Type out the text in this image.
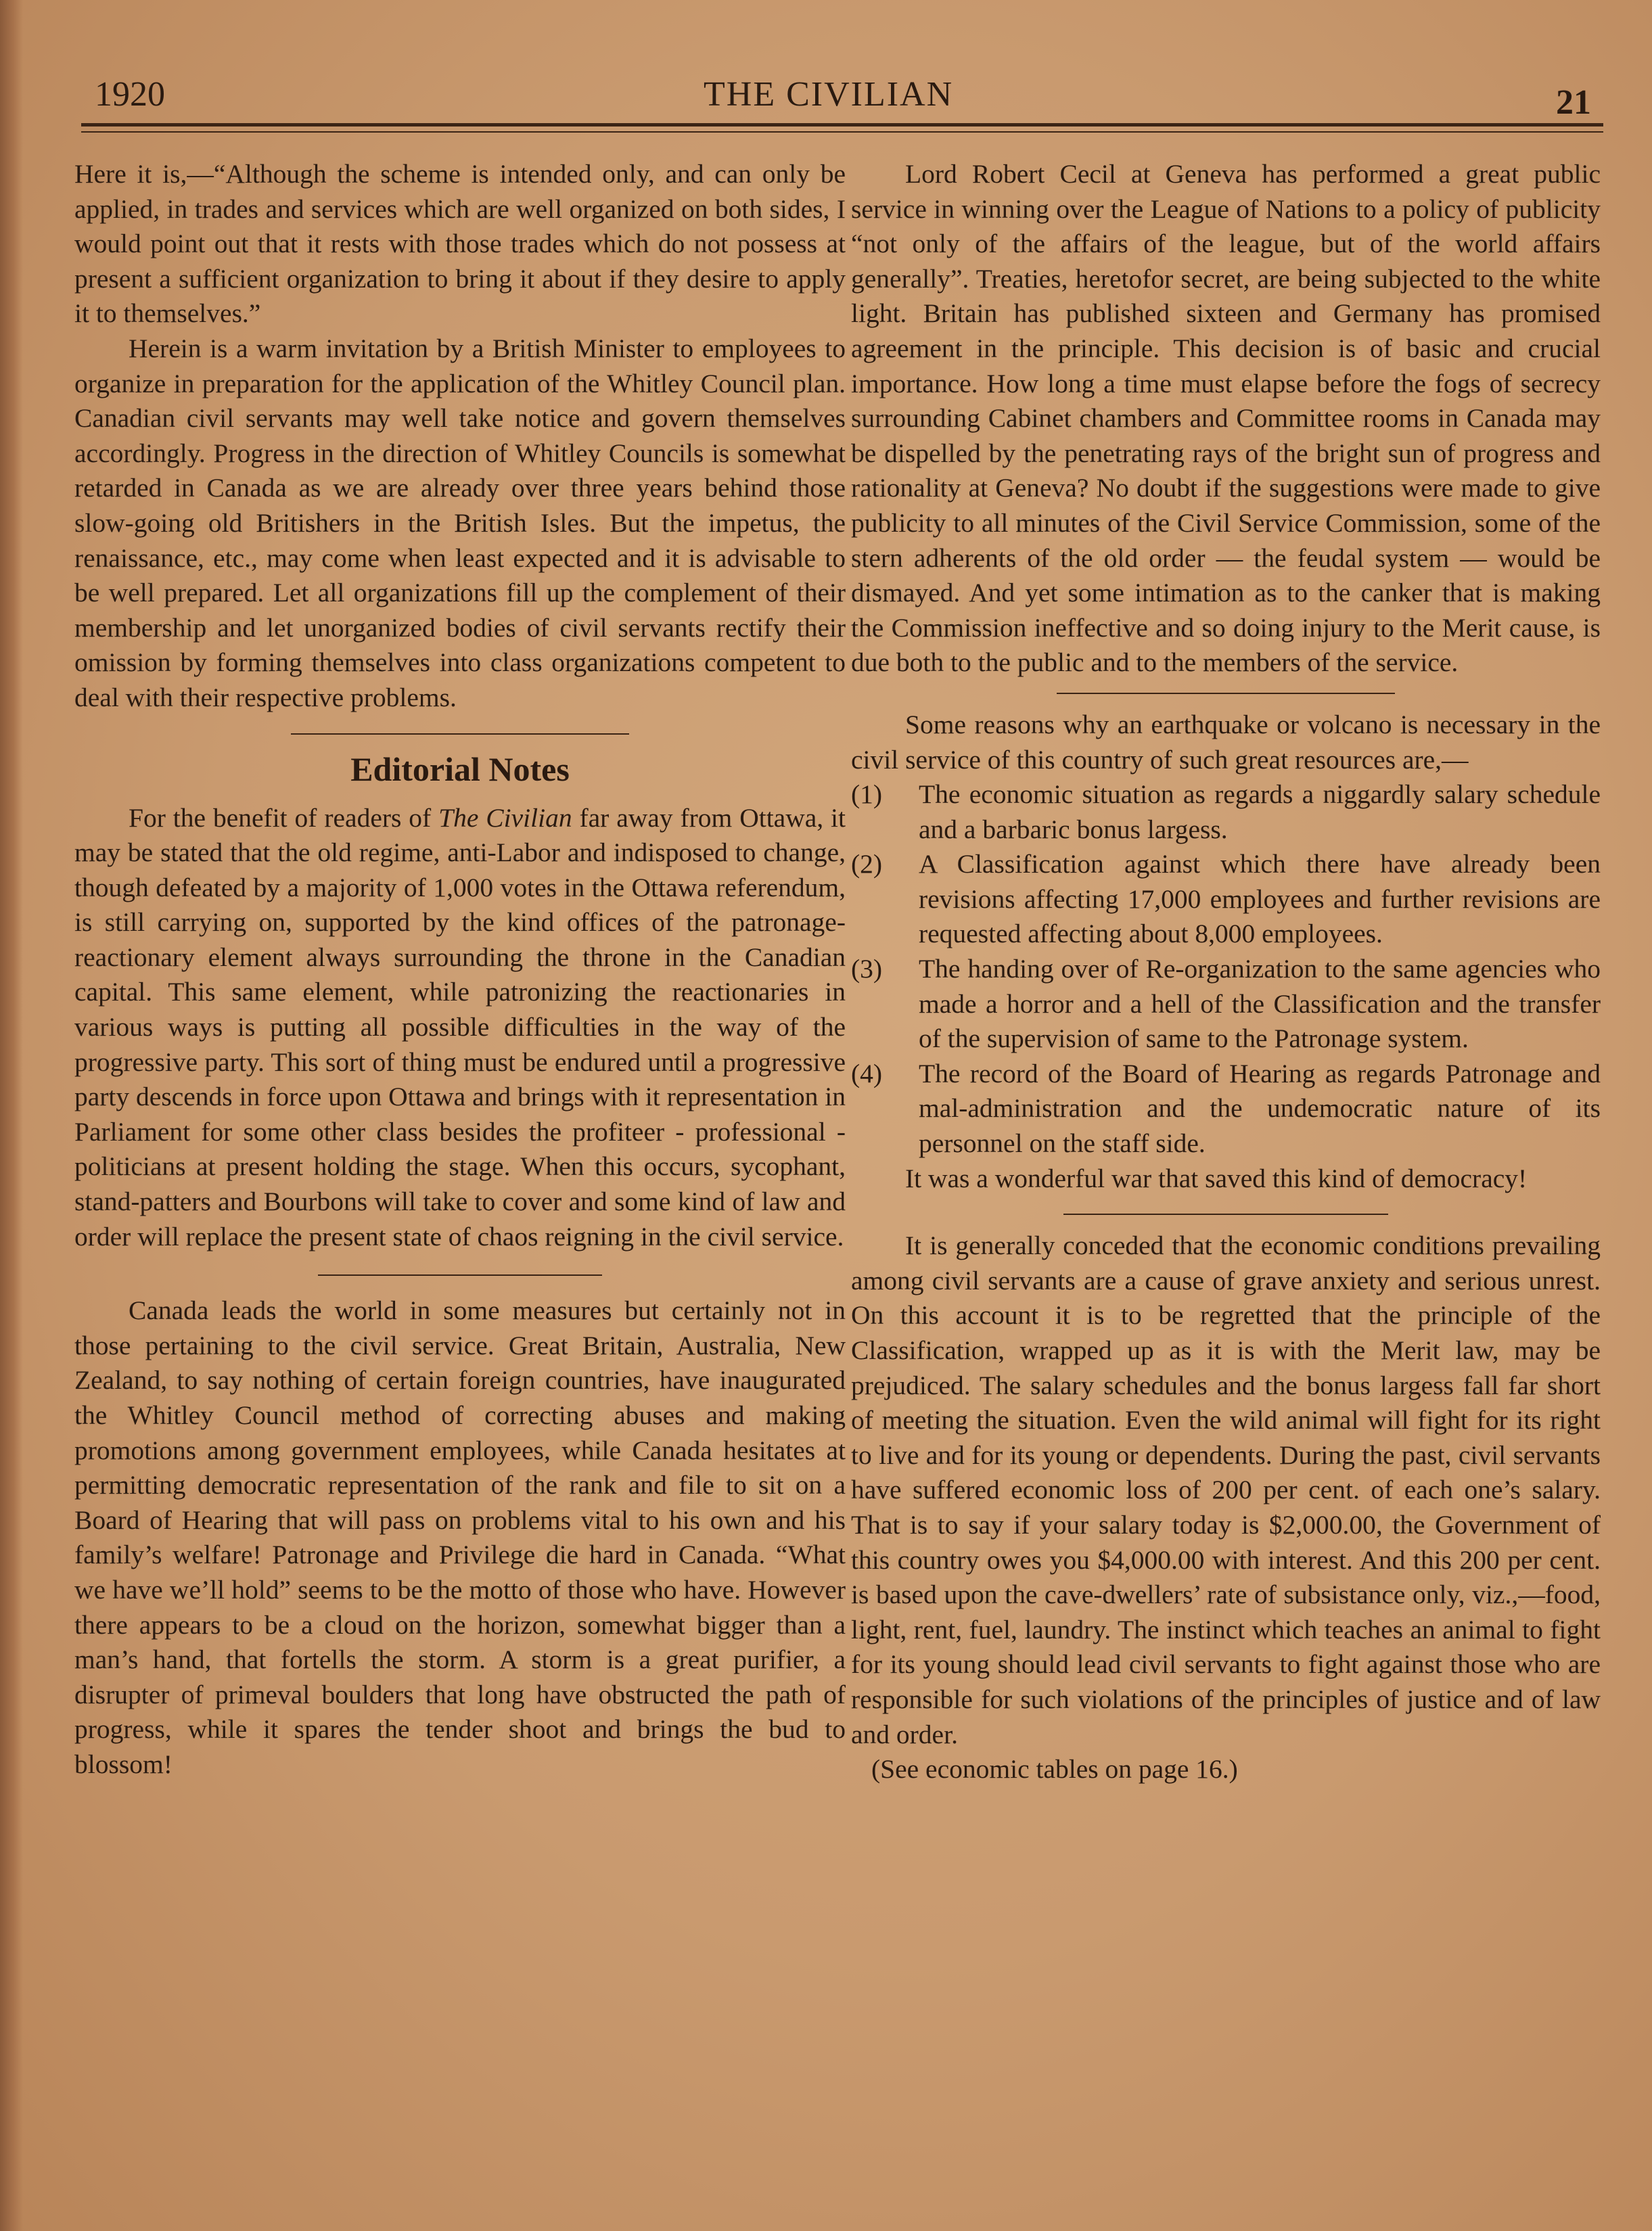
1920	THE CIVILIAN	21

Here it is,—“Although the scheme is intended only, and can only be applied, in trades and services which are well organized on both sides, I would point out that it rests with those trades which do not possess at present a sufficient organization to bring it about if they desire to apply it to themselves.”

Herein is a warm invitation by a British Minister to employees to organize in preparation for the application of the Whitley Council plan. Canadian civil servants may well take notice and govern themselves accordingly. Progress in the direction of Whitley Councils is somewhat retarded in Canada as we are already over three years behind those slow-going old Britishers in the British Isles. But the impetus, the renaissance, etc., may come when least expected and it is advisable to be well prepared. Let all organizations fill up the complement of their membership and let unorganized bodies of civil servants rectify their omission by forming themselves into class organizations competent to deal with their respective problems.

Editorial Notes

For the benefit of readers of The Civilian far away from Ottawa, it may be stated that the old regime, anti-Labor and indisposed to change, though defeated by a majority of 1,000 votes in the Ottawa referendum, is still carrying on, supported by the kind offices of the patronage-reactionary element always surrounding the throne in the Canadian capital. This same element, while patronizing the reactionaries in various ways is putting all possible difficulties in the way of the progressive party. This sort of thing must be endured until a progressive party descends in force upon Ottawa and brings with it representation in Parliament for some other class besides the profiteer - professional - politicians at present holding the stage. When this occurs, sycophant, stand-patters and Bourbons will take to cover and some kind of law and order will replace the present state of chaos reigning in the civil service.

Canada leads the world in some measures but certainly not in those pertaining to the civil service. Great Britain, Australia, New Zealand, to say nothing of certain foreign countries, have inaugurated the Whitley Council method of correcting abuses and making promotions among government employees, while Canada hesitates at permitting democratic representation of the rank and file to sit on a Board of Hearing that will pass on problems vital to his own and his family’s welfare! Patronage and Privilege die hard in Canada. “What we have we’ll hold” seems to be the motto of those who have. However there appears to be a cloud on the horizon, somewhat bigger than a man’s hand, that fortells the storm. A storm is a great purifier, a disrupter of primeval boulders that long have obstructed the path of progress, while it spares the tender shoot and brings the bud to blossom!

Lord Robert Cecil at Geneva has performed a great public service in winning over the League of Nations to a policy of publicity “not only of the affairs of the league, but of the world affairs generally”. Treaties, heretofor secret, are being subjected to the white light. Britain has published sixteen and Germany has promised agreement in the principle. This decision is of basic and crucial importance. How long a time must elapse before the fogs of secrecy surrounding Cabinet chambers and Committee rooms in Canada may be dispelled by the penetrating rays of the bright sun of progress and rationality at Geneva? No doubt if the suggestions were made to give publicity to all minutes of the Civil Service Commission, some of the stern adherents of the old order — the feudal system — would be dismayed. And yet some intimation as to the canker that is making the Commission ineffective and so doing injury to the Merit cause, is due both to the public and to the members of the service.

Some reasons why an earthquake or volcano is necessary in the civil service of this country of such great resources are,—

(1)	The economic situation as regards a niggardly salary schedule and a barbaric bonus largess.
(2)	A Classification against which there have already been revisions affecting 17,000 employees and further revisions are requested affecting about 8,000 employees.
(3)	The handing over of Re-organization to the same agencies who made a horror and a hell of the Classification and the transfer of the supervision of same to the Patronage system.
(4)	The record of the Board of Hearing as regards Patronage and mal-administration and the undemocratic nature of its personnel on the staff side.

It was a wonderful war that saved this kind of democracy!

It is generally conceded that the economic conditions prevailing among civil servants are a cause of grave anxiety and serious unrest. On this account it is to be regretted that the principle of the Classification, wrapped up as it is with the Merit law, may be prejudiced. The salary schedules and the bonus largess fall far short of meeting the situation. Even the wild animal will fight for its right to live and for its young or dependents. During the past, civil servants have suffered economic loss of 200 per cent. of each one’s salary. That is to say if your salary today is $2,000.00, the Government of this country owes you $4,000.00 with interest. And this 200 per cent. is based upon the cave-dwellers’ rate of subsistance only, viz.,—food, light, rent, fuel, laundry. The instinct which teaches an animal to fight for its young should lead civil servants to fight against those who are responsible for such violations of the principles of justice and of law and order.

(See economic tables on page 16.)
